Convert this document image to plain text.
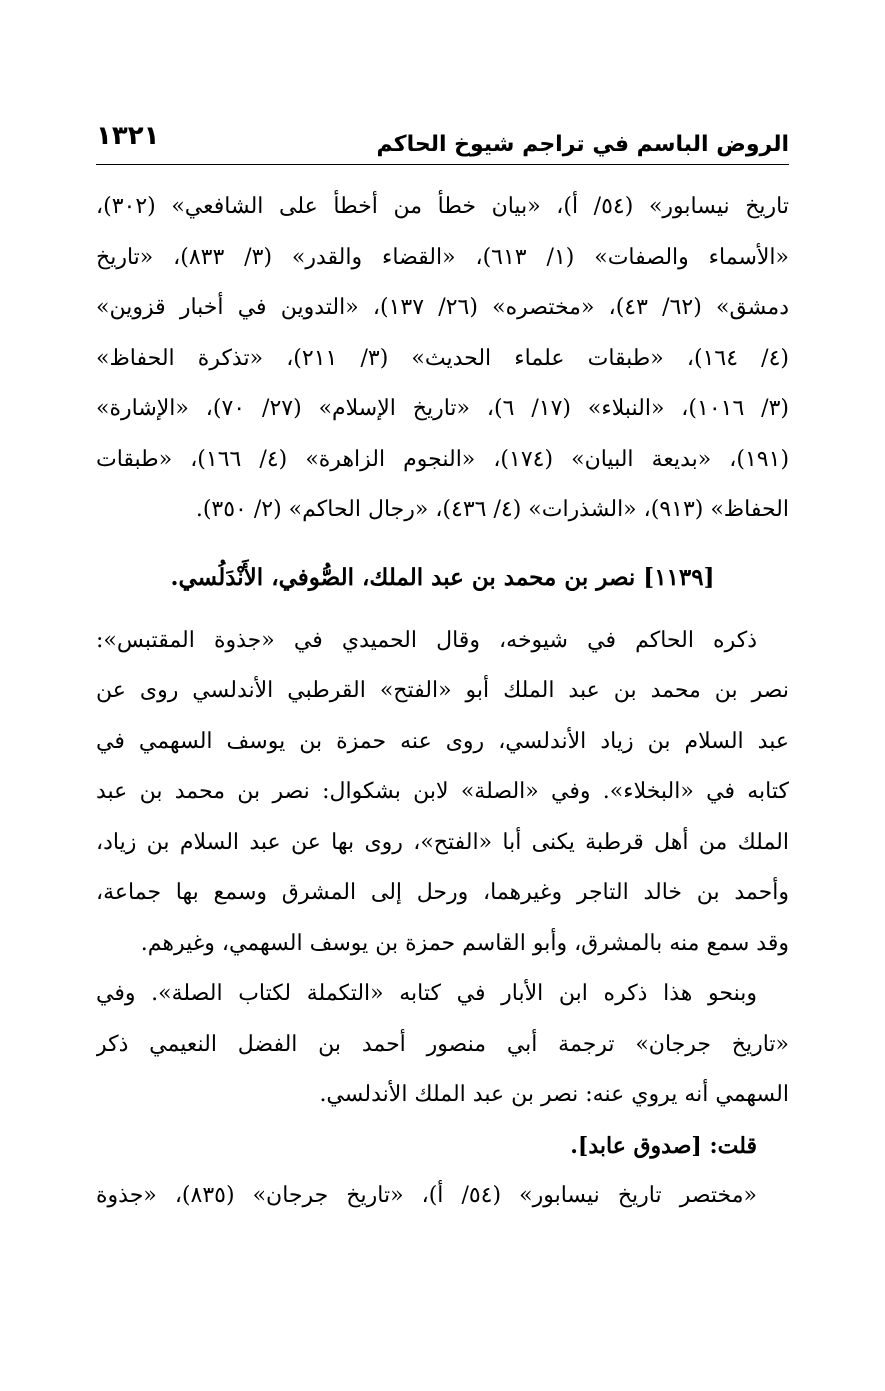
الروض الباسم في تراجم شيوخ الحاكم
١٣٢١
تاريخ نيسابور» (٥٤/ أ)، «بيان خطأ من أخطأ على الشافعي» (٣٠٢)،
«الأسماء والصفات» (١/ ٦١٣)، «القضاء والقدر» (٣/ ٨٣٣)، «تاريخ
دمشق» (٦٢/ ٤٣)، «مختصره» (٢٦/ ١٣٧)، «التدوين في أخبار قزوين»
(٤/ ١٦٤)، «طبقات علماء الحديث» (٣/ ٢١١)، «تذكرة الحفاظ»
(٣/ ١٠١٦)، «النبلاء» (١٧/ ٦)، «تاريخ الإسلام» (٢٧/ ٧٠)، «الإشارة»
(١٩١)، «بديعة البيان» (١٧٤)، «النجوم الزاهرة» (٤/ ١٦٦)، «طبقات
الحفاظ» (٩١٣)، «الشذرات» (٤/ ٤٣٦)، «رجال الحاكم» (٢/ ٣٥٠).
[١١٣٩] نصر بن محمد بن عبد الملك، الصُّوفي، الأَنْدَلُسي.
ذكره الحاكم في شيوخه، وقال الحميدي في «جذوة المقتبس»:
نصر بن محمد بن عبد الملك أبو «الفتح» القرطبي الأندلسي روى عن
عبد السلام بن زياد الأندلسي، روى عنه حمزة بن يوسف السهمي في
كتابه في «البخلاء». وفي «الصلة» لابن بشكوال: نصر بن محمد بن عبد
الملك من أهل قرطبة يكنى أبا «الفتح»، روى بها عن عبد السلام بن زياد،
وأحمد بن خالد التاجر وغيرهما، ورحل إلى المشرق وسمع بها جماعة،
وقد سمع منه بالمشرق، وأبو القاسم حمزة بن يوسف السهمي، وغيرهم.
وبنحو هذا ذكره ابن الأبار في كتابه «التكملة لكتاب الصلة». وفي
«تاريخ جرجان» ترجمة أبي منصور أحمد بن الفضل النعيمي ذكر
السهمي أنه يروي عنه: نصر بن عبد الملك الأندلسي.
قلت: [صدوق عابد].
«مختصر تاريخ نيسابور» (٥٤/ أ)، «تاريخ جرجان» (٨٣٥)، «جذوة
